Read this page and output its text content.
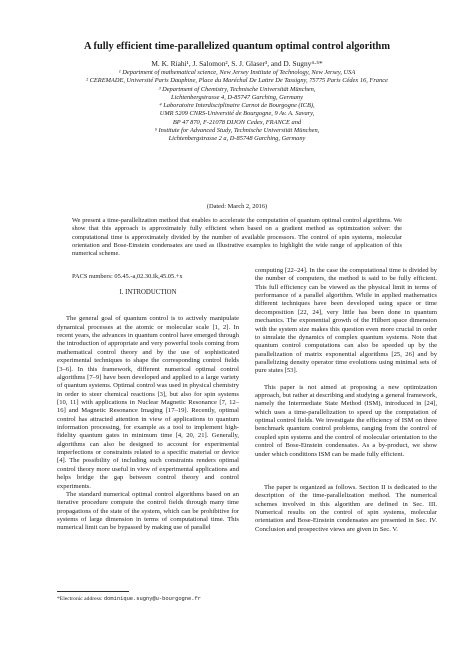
A fully efficient time-parallelized quantum optimal control algorithm
M. K. Riahi¹, J. Salomon², S. J. Glaser³, and D. Sugny⁴·⁵*
¹ Department of mathematical science, New Jersey Institute of Technology, New Jersey, USA
² CEREMADE, Université Paris Dauphine, Place du Maréchal De Lattre De Tassigny, 75775 Paris Cédex 16, France
³ Department of Chemistry, Technische Universität München,
Lichtenbergstrasse 4, D-85747 Garching, Germany
⁴ Laboratoire Interdisciplinaire Carnot de Bourgogne (ICB),
UMR 5209 CNRS-Université de Bourgogne, 9 Av. A. Savary,
BP 47 870, F-21078 DIJON Cedex, FRANCE and
⁵ Institute for Advanced Study, Technische Universität München,
Lichtenbergstrasse 2 a, D-85748 Garching, Germany
(Dated: March 2, 2016)

We present a time-parallelization method that enables to accelerate the computation of quantum optimal control algorithms. We show that this approach is approximately fully efficient when based on a gradient method as optimization solver: the computational time is approximately divided by the number of available processors. The control of spin systems, molecular orientation and Bose-Einstein condensates are used as illustrative examples to highlight the wide range of application of this numerical scheme.

PACS numbers: 05.45.-a,02.30.Ik,45.05.+x
I. INTRODUCTION

The general goal of quantum control is to actively manipulate dynamical processes at the atomic or molecular scale [1, 2]. In recent years, the advances in quantum control have emerged through the introduction of appropriate and very powerful tools coming from mathematical control theory and by the use of sophisticated experimental techniques to shape the corresponding control fields [3–6]. In this framework, different numerical optimal control algorithms [7–9] have been developed and applied to a large variety of quantum systems. Optimal control was used in physical chemistry in order to steer chemical reactions [3], but also for spin systems [10, 11] with applications in Nuclear Magnetic Resonance [7, 12–16] and Magnetic Resonance Imaging [17–19]. Recently, optimal control has attracted attention in view of applications to quantum information processing, for example as a tool to implement high-fidelity quantum gates in minimum time [4, 20, 21]. Generally, algorithms can also be designed to account for experimental imperfections or constraints related to a specific material or device [4]. The possibility of including such constraints renders optimal control theory more useful in view of experimental applications and helps bridge the gap between control theory and control experiments.

The standard numerical optimal control algorithms based on an iterative procedure compute the control fields through many time propagations of the state of the system, which can be prohibitive for systems of large dimension in terms of computational time. This numerical limit can be bypassed by making use of parallel

computing [22–24]. In the case the computational time is divided by the number of computers, the method is said to be fully efficient. This full efficiency can be viewed as the physical limit in terms of performance of a parallel algorithm. While in applied mathematics different techniques have been developed using space or time decomposition [22, 24], very little has been done in quantum mechanics. The exponential growth of the Hilbert space dimension with the system size makes this question even more crucial in order to simulate the dynamics of complex quantum systems. Note that quantum control computations can also be speeded up by the parallelization of matrix exponential algorithms [25, 26] and by parallelizing density operator time evolutions using minimal sets of pure states [53].

This paper is not aimed at proposing a new optimization approach, but rather at describing and studying a general framework, namely the Intermediate State Method (ISM), introduced in [24], which uses a time-parallelization to speed up the computation of optimal control fields. We investigate the efficiency of ISM on three benchmark quantum control problems, ranging from the control of coupled spin systems and the control of molecular orientation to the control of Bose-Einstein condensates. As a by-product, we show under which conditions ISM can be made fully efficient.

The paper is organized as follows. Section II is dedicated to the description of the time-parallelization method. The numerical schemes involved in this algorithm are defined in Sec. III. Numerical results on the control of spin systems, molecular orientation and Bose-Einstein condensates are presented in Sec. IV. Conclusion and prospective views are given in Sec. V.

*Electronic address: dominique.sugny@u-bourgogne.fr
